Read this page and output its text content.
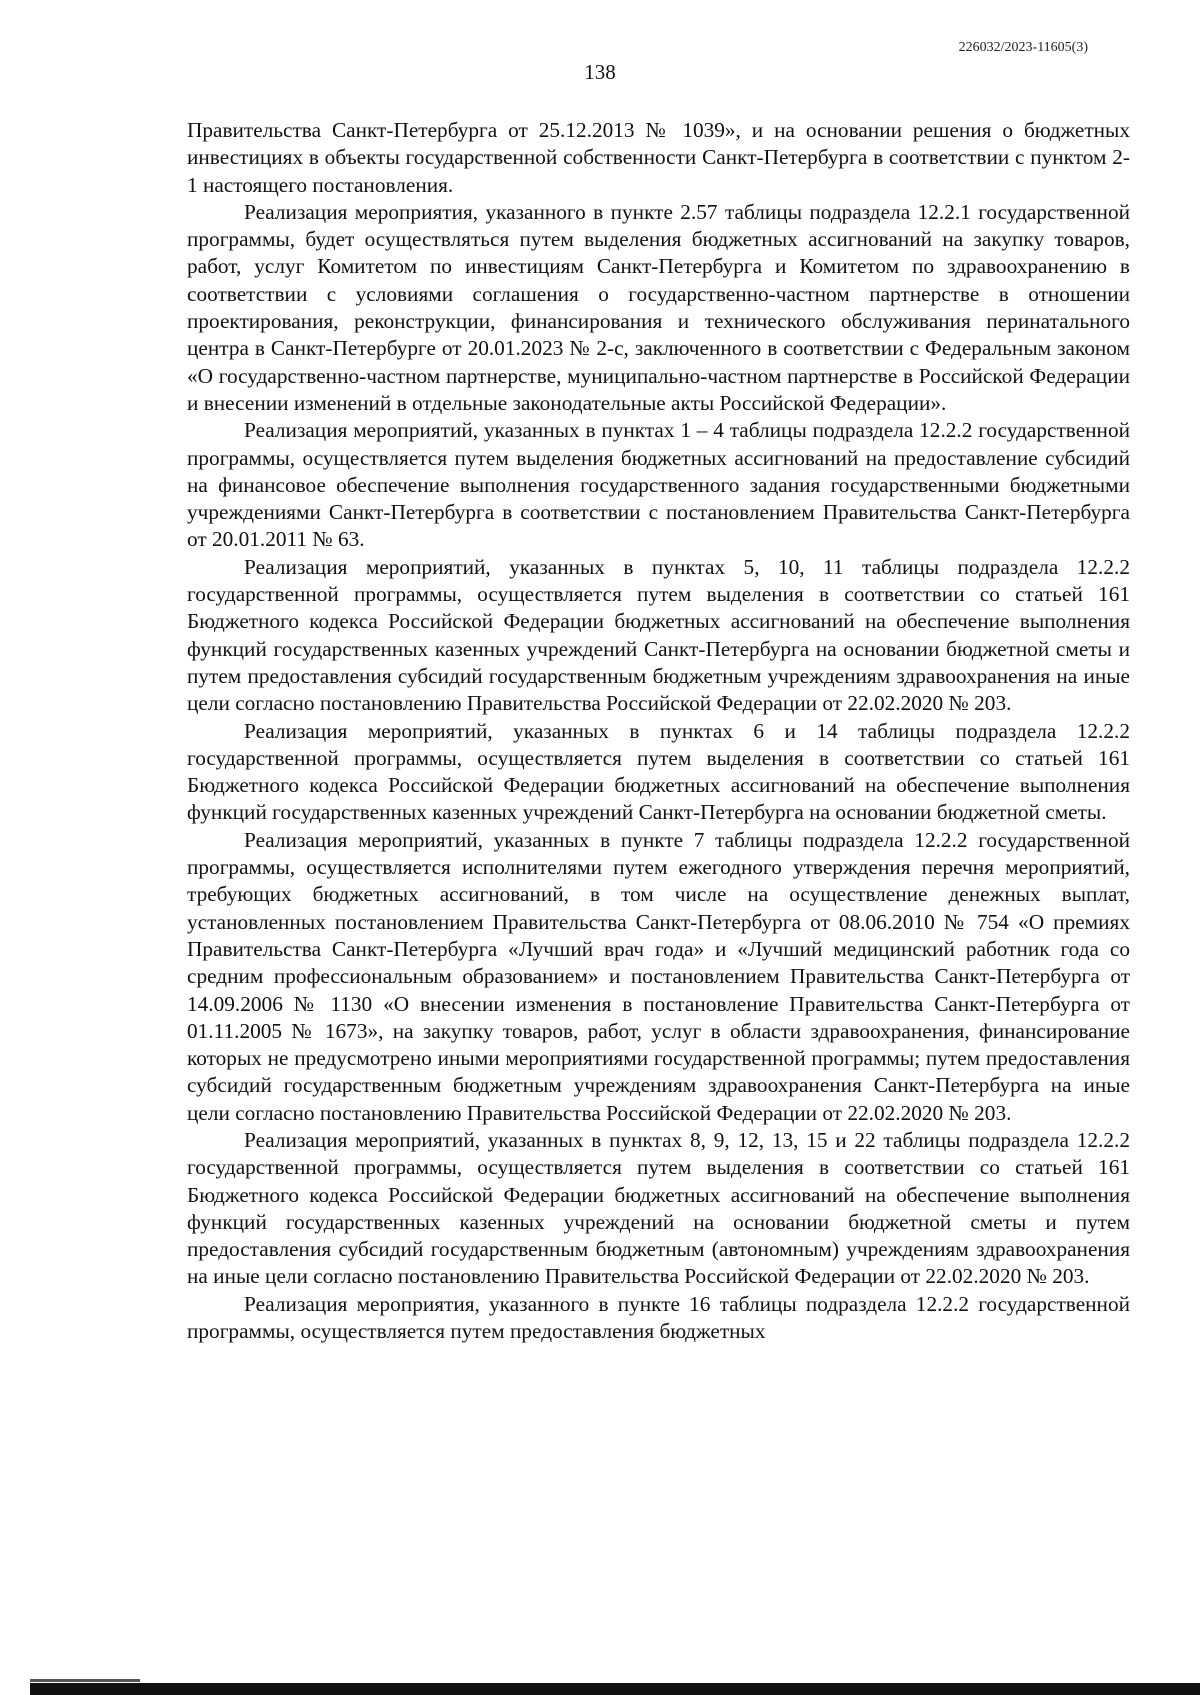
226032/2023-11605(3)
138

Правительства Санкт-Петербурга от 25.12.2013 № 1039», и на основании решения о бюджетных инвестициях в объекты государственной собственности Санкт-Петербурга в соответствии с пунктом 2-1 настоящего постановления.

Реализация мероприятия, указанного в пункте 2.57 таблицы подраздела 12.2.1 государственной программы, будет осуществляться путем выделения бюджетных ассигнований на закупку товаров, работ, услуг Комитетом по инвестициям Санкт-Петербурга и Комитетом по здравоохранению в соответствии с условиями соглашения о государственно-частном партнерстве в отношении проектирования, реконструкции, финансирования и технического обслуживания перинатального центра в Санкт-Петербурге от 20.01.2023 № 2-с, заключенного в соответствии с Федеральным законом «О государственно-частном партнерстве, муниципально-частном партнерстве в Российской Федерации и внесении изменений в отдельные законодательные акты Российской Федерации».

Реализация мероприятий, указанных в пунктах 1 – 4 таблицы подраздела 12.2.2 государственной программы, осуществляется путем выделения бюджетных ассигнований на предоставление субсидий на финансовое обеспечение выполнения государственного задания государственными бюджетными учреждениями Санкт-Петербурга в соответствии с постановлением Правительства Санкт-Петербурга от 20.01.2011 № 63.

Реализация мероприятий, указанных в пунктах 5, 10, 11 таблицы подраздела 12.2.2 государственной программы, осуществляется путем выделения в соответствии со статьей 161 Бюджетного кодекса Российской Федерации бюджетных ассигнований на обеспечение выполнения функций государственных казенных учреждений Санкт-Петербурга на основании бюджетной сметы и путем предоставления субсидий государственным бюджетным учреждениям здравоохранения на иные цели согласно постановлению Правительства Российской Федерации от 22.02.2020 № 203.

Реализация мероприятий, указанных в пунктах 6 и 14 таблицы подраздела 12.2.2 государственной программы, осуществляется путем выделения в соответствии со статьей 161 Бюджетного кодекса Российской Федерации бюджетных ассигнований на обеспечение выполнения функций государственных казенных учреждений Санкт-Петербурга на основании бюджетной сметы.

Реализация мероприятий, указанных в пункте 7 таблицы подраздела 12.2.2 государственной программы, осуществляется исполнителями путем ежегодного утверждения перечня мероприятий, требующих бюджетных ассигнований, в том числе на осуществление денежных выплат, установленных постановлением Правительства Санкт-Петербурга от 08.06.2010 № 754 «О премиях Правительства Санкт-Петербурга «Лучший врач года» и «Лучший медицинский работник года со средним профессиональным образованием» и постановлением Правительства Санкт-Петербурга от 14.09.2006 № 1130 «О внесении изменения в постановление Правительства Санкт-Петербурга от 01.11.2005 № 1673», на закупку товаров, работ, услуг в области здравоохранения, финансирование которых не предусмотрено иными мероприятиями государственной программы; путем предоставления субсидий государственным бюджетным учреждениям здравоохранения Санкт-Петербурга на иные цели согласно постановлению Правительства Российской Федерации от 22.02.2020 № 203.

Реализация мероприятий, указанных в пунктах 8, 9, 12, 13, 15 и 22 таблицы подраздела 12.2.2 государственной программы, осуществляется путем выделения в соответствии со статьей 161 Бюджетного кодекса Российской Федерации бюджетных ассигнований на обеспечение выполнения функций государственных казенных учреждений на основании бюджетной сметы и путем предоставления субсидий государственным бюджетным (автономным) учреждениям здравоохранения на иные цели согласно постановлению Правительства Российской Федерации от 22.02.2020 № 203.

Реализация мероприятия, указанного в пункте 16 таблицы подраздела 12.2.2 государственной программы, осуществляется путем предоставления бюджетных
